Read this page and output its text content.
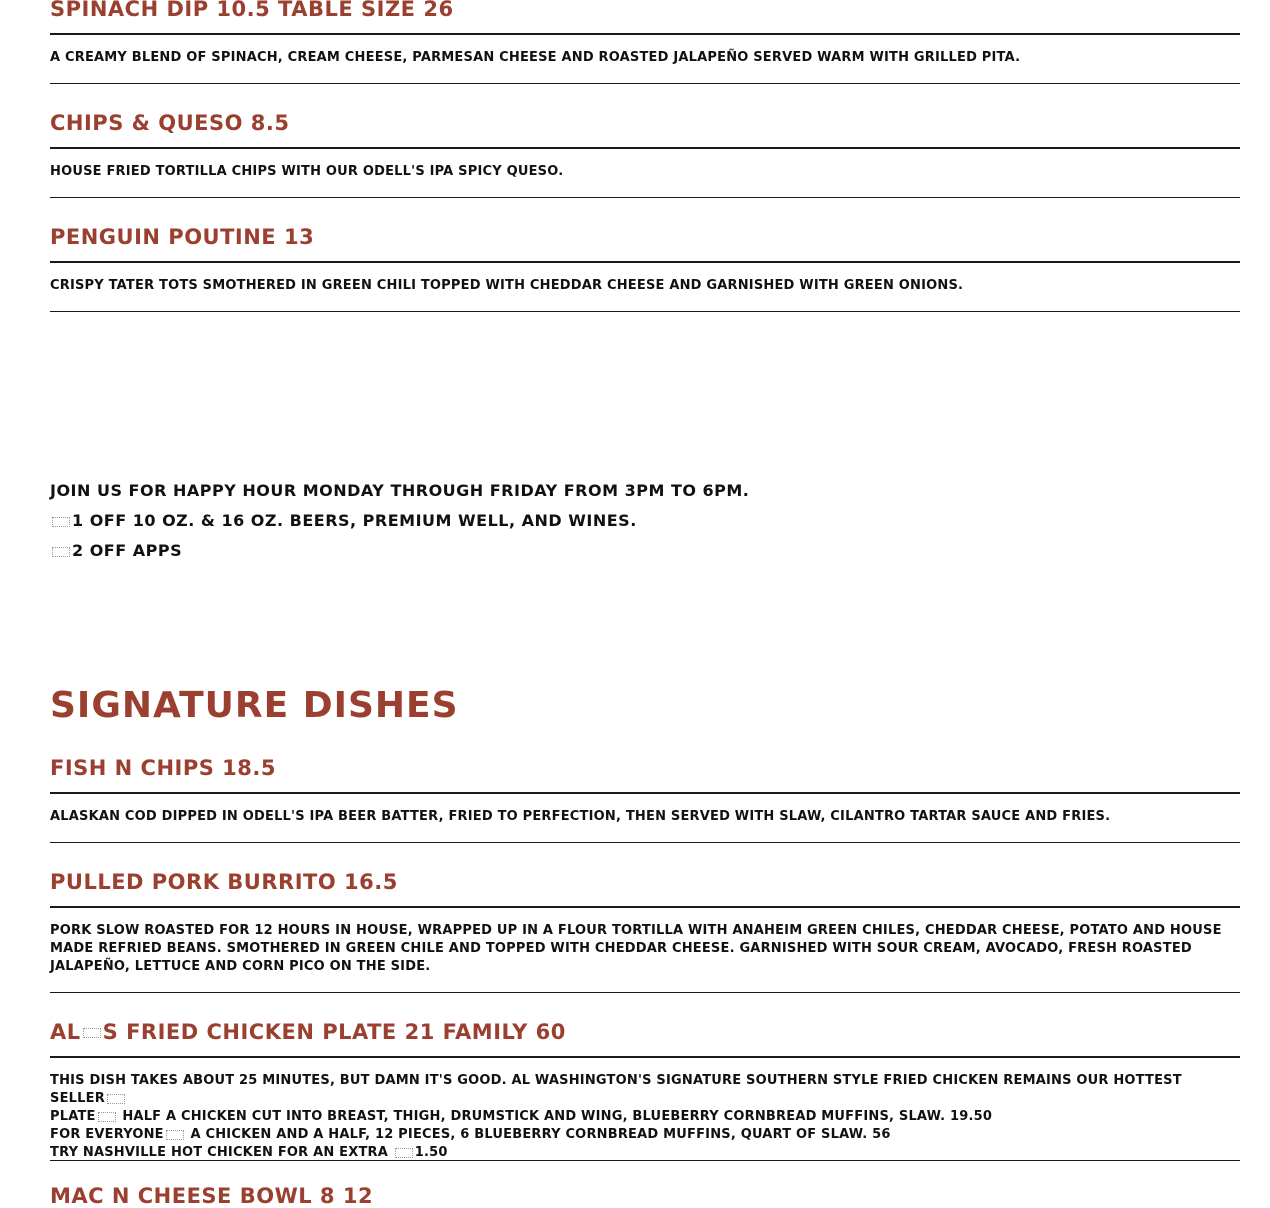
SPINACH DIP 10.5 TABLE SIZE 26

A CREAMY BLEND OF SPINACH, CREAM CHEESE, PARMESAN CHEESE AND ROASTED JALAPEÑO SERVED WARM WITH GRILLED PITA.

CHIPS & QUESO 8.5

HOUSE FRIED TORTILLA CHIPS WITH OUR ODELL'S IPA SPICY QUESO.

PENGUIN POUTINE 13

CRISPY TATER TOTS SMOTHERED IN GREEN CHILI TOPPED WITH CHEDDAR CHEESE AND GARNISHED WITH GREEN ONIONS.

JOIN US FOR HAPPY HOUR MONDAY THROUGH FRIDAY FROM 3PM TO 6PM.

1 OFF 10 OZ. & 16 OZ. BEERS, PREMIUM WELL, AND WINES.

2 OFF APPS

SIGNATURE DISHES
FISH N CHIPS 18.5

ALASKAN COD DIPPED IN ODELL'S IPA BEER BATTER, FRIED TO PERFECTION, THEN SERVED WITH SLAW, CILANTRO TARTAR SAUCE AND FRIES.

PULLED PORK BURRITO 16.5

PORK SLOW ROASTED FOR 12 HOURS IN HOUSE, WRAPPED UP IN A FLOUR TORTILLA WITH ANAHEIM GREEN CHILES, CHEDDAR CHEESE, POTATO AND HOUSE MADE REFRIED BEANS. SMOTHERED IN GREEN CHILE AND TOPPED WITH CHEDDAR CHEESE. GARNISHED WITH SOUR CREAM, AVOCADO, FRESH ROASTED JALAPEÑO, LETTUCE AND CORN PICO ON THE SIDE.

AL S FRIED CHICKEN PLATE 21 FAMILY 60

THIS DISH TAKES ABOUT 25 MINUTES, BUT DAMN IT'S GOOD. AL WASHINGTON'S SIGNATURE SOUTHERN STYLE FRIED CHICKEN REMAINS OUR HOTTEST SELLER
PLATE HALF A CHICKEN CUT INTO BREAST, THIGH, DRUMSTICK AND WING, BLUEBERRY CORNBREAD MUFFINS, SLAW. 19.50
FOR EVERYONE A CHICKEN AND A HALF, 12 PIECES, 6 BLUEBERRY CORNBREAD MUFFINS, QUART OF SLAW. 56
TRY NASHVILLE HOT CHICKEN FOR AN EXTRA 1.50

MAC N CHEESE BOWL 8 12
